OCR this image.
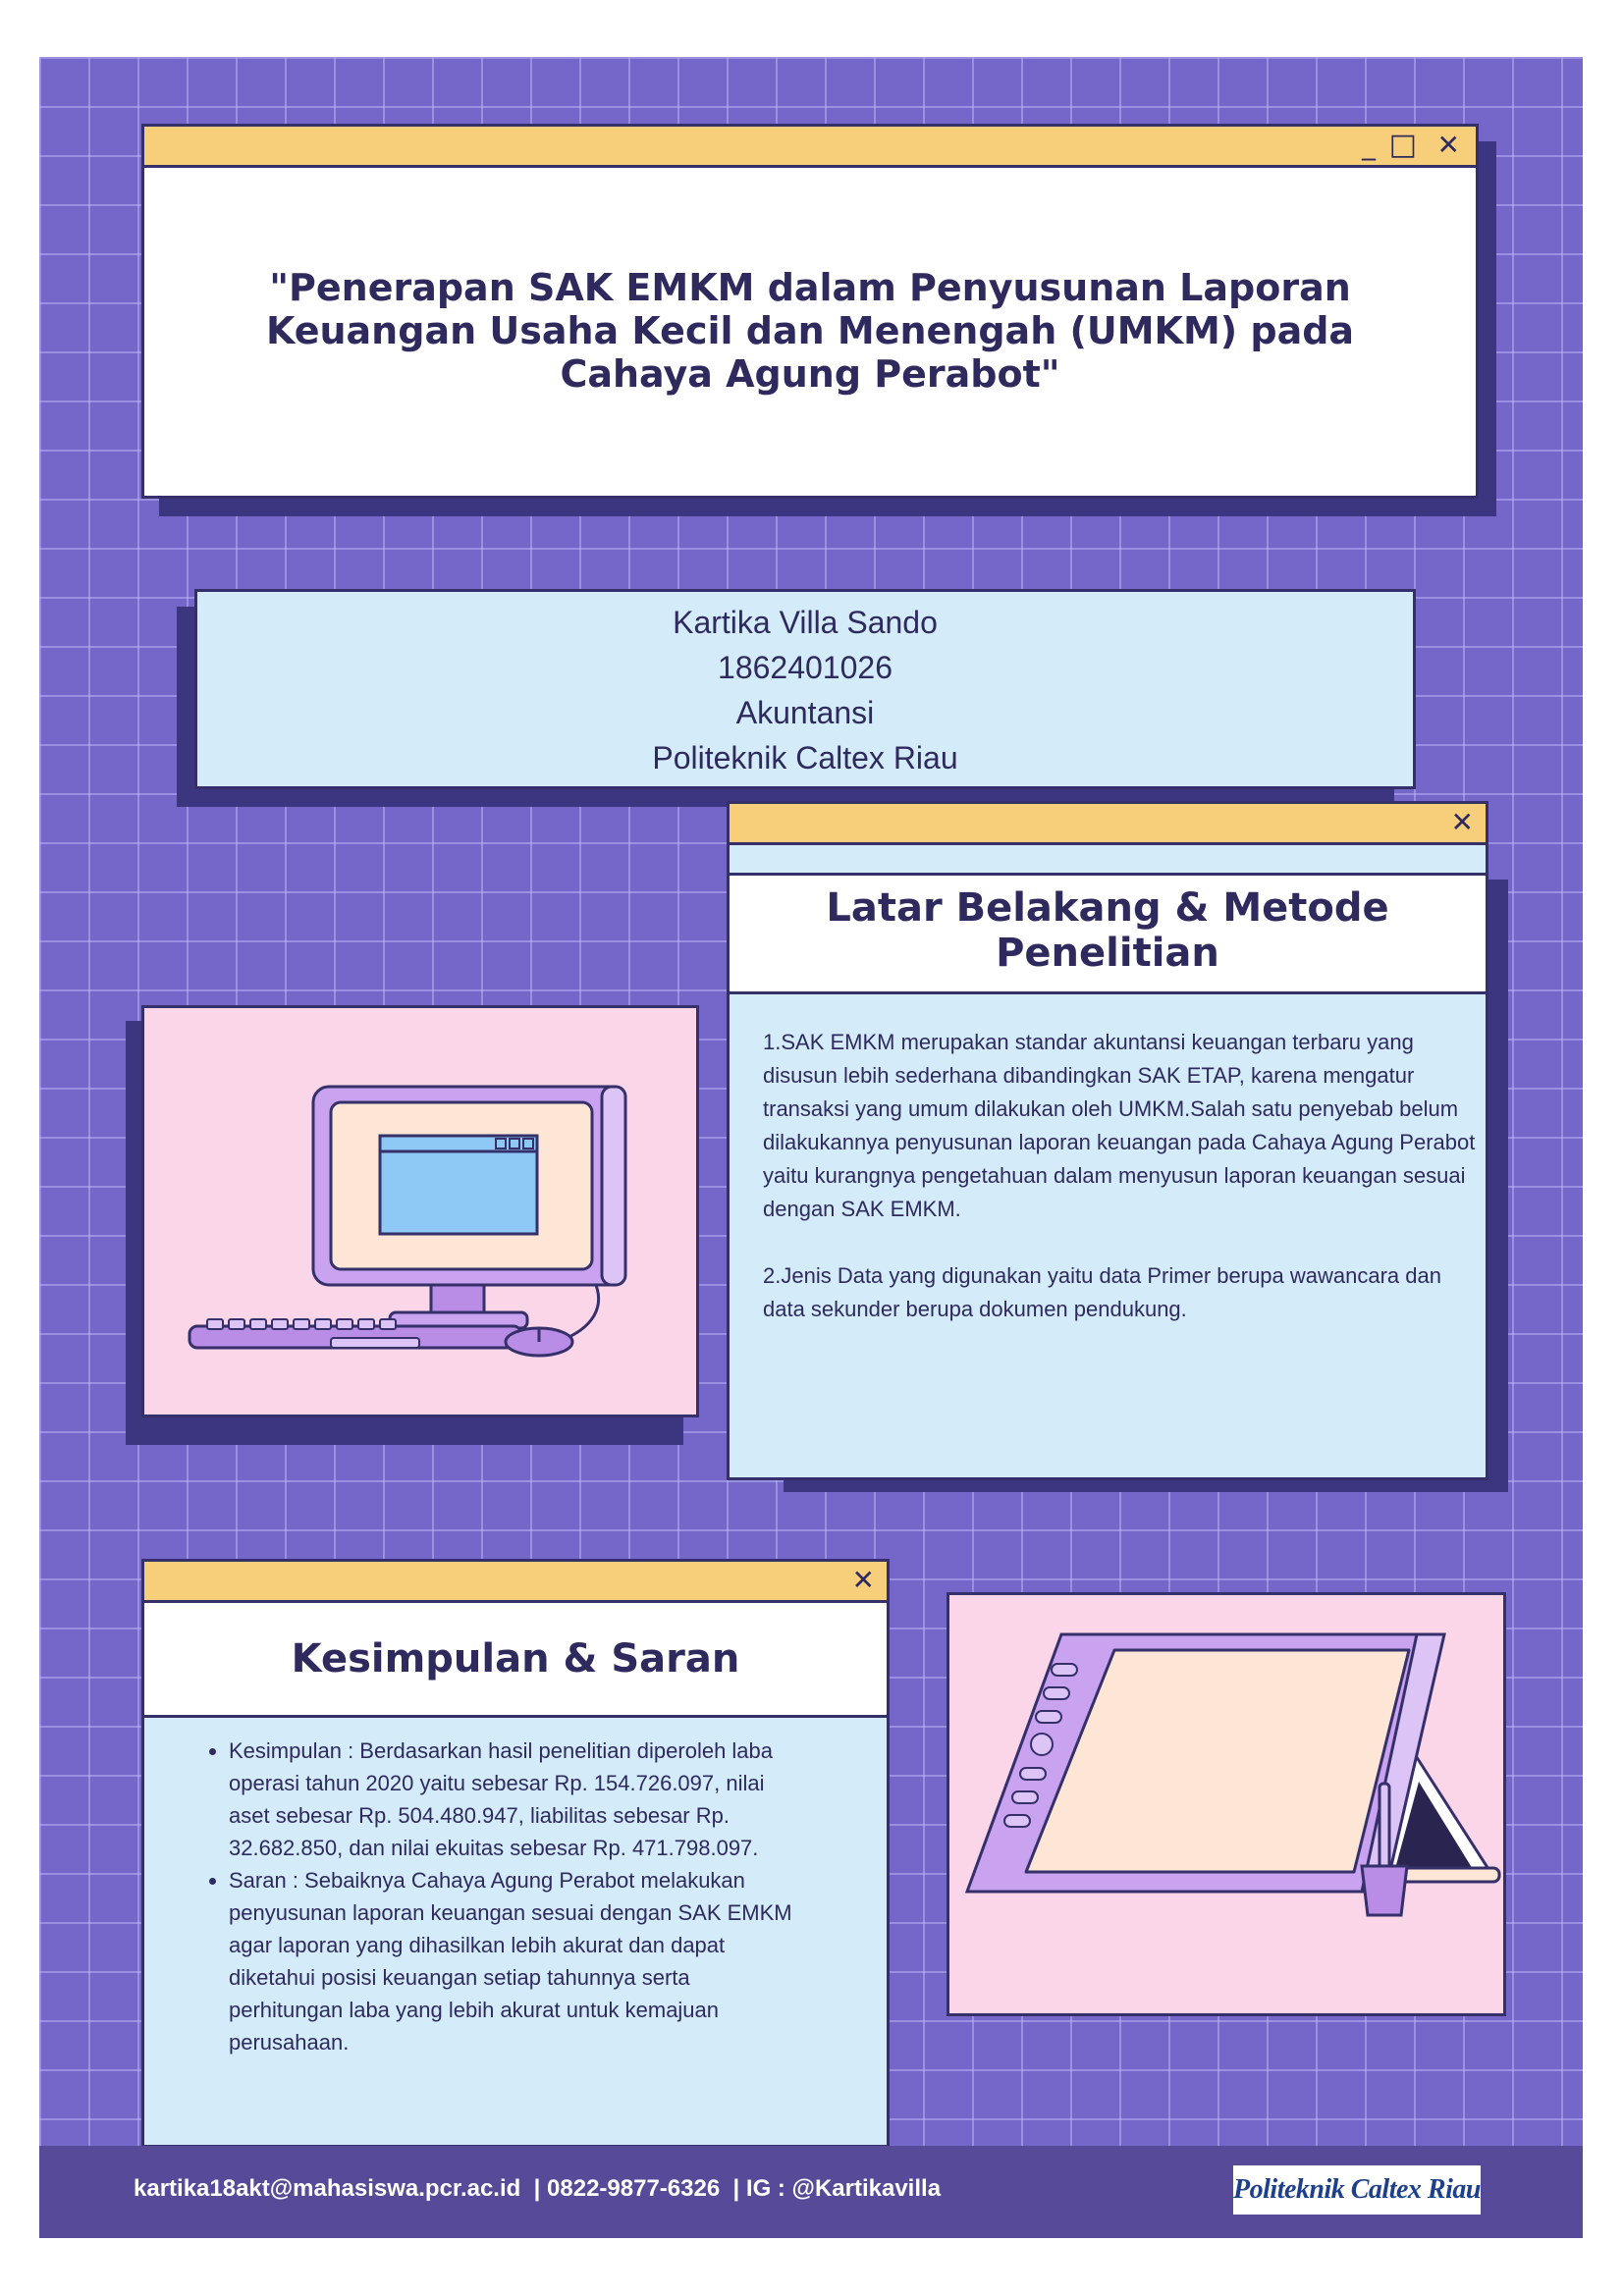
_ □ ✕
"Penerapan SAK EMKM dalam Penyusunan Laporan Keuangan Usaha Kecil dan Menengah (UMKM) pada Cahaya Agung Perabot"
Kartika Villa Sando
1862401026
Akuntansi
Politeknik Caltex Riau
✕
Latar Belakang & Metode Penelitian

1.SAK EMKM merupakan standar akuntansi keuangan terbaru yang disusun lebih sederhana dibandingkan SAK ETAP, karena mengatur transaksi yang umum dilakukan oleh UMKM.Salah satu penyebab belum dilakukannya penyusunan laporan keuangan pada Cahaya Agung Perabot yaitu kurangnya pengetahuan dalam menyusun laporan keuangan sesuai dengan SAK EMKM.

2.Jenis Data yang digunakan yaitu data Primer berupa wawancara dan data sekunder berupa dokumen pendukung.

✕
Kesimpulan & Saran
• Kesimpulan : Berdasarkan hasil penelitian diperoleh laba operasi tahun 2020 yaitu sebesar Rp. 154.726.097, nilai aset sebesar Rp. 504.480.947, liabilitas sebesar Rp. 32.682.850, dan nilai ekuitas sebesar Rp. 471.798.097.
• Saran : Sebaiknya Cahaya Agung Perabot melakukan penyusunan laporan keuangan sesuai dengan SAK EMKM agar laporan yang dihasilkan lebih akurat dan dapat diketahui posisi keuangan setiap tahunnya serta perhitungan laba yang lebih akurat untuk kemajuan perusahaan.
kartika18akt@mahasiswa.pcr.ac.id  | 0822-9877-6326  | IG : @Kartikavilla	Politeknik Caltex Riau
